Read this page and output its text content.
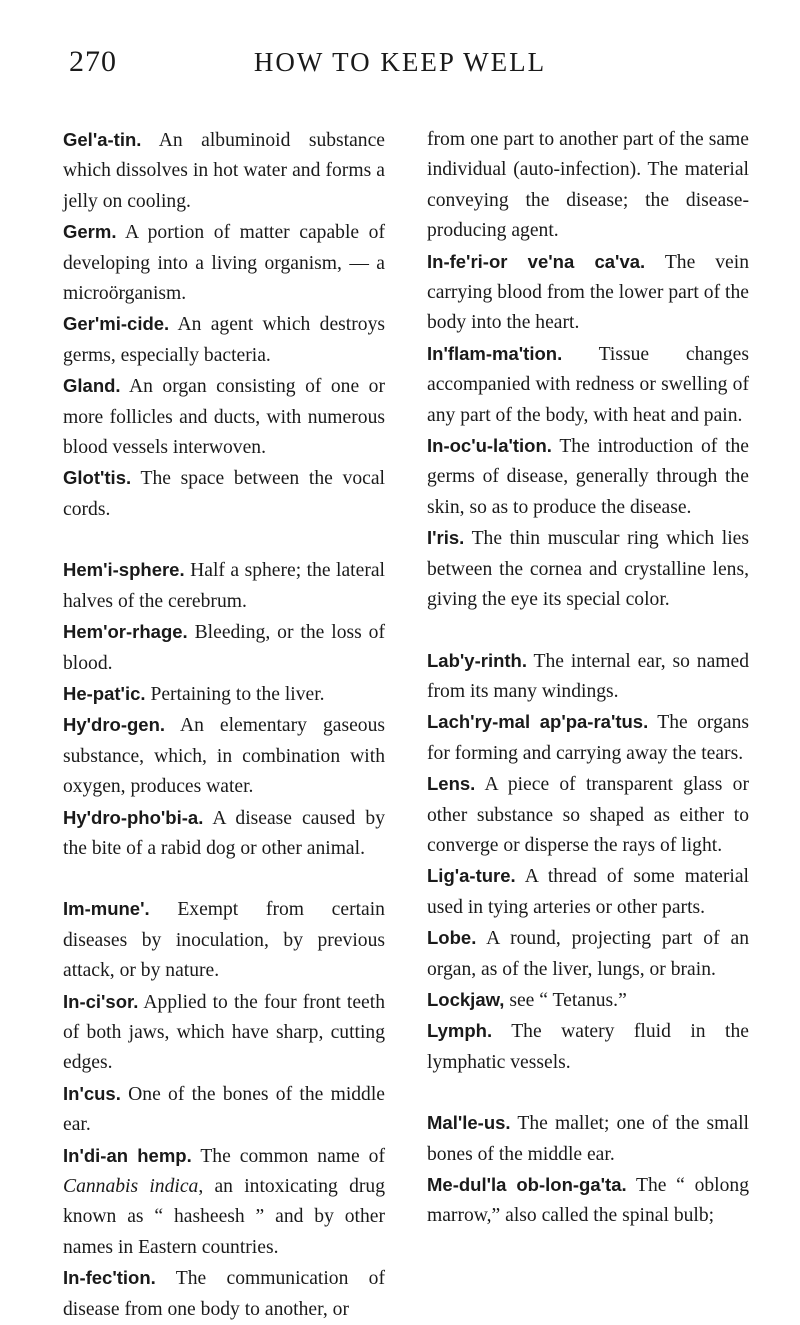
270	HOW TO KEEP WELL

Gel'a-tin. An albuminoid substance which dissolves in hot water and forms a jelly on cooling.

Germ. A portion of matter capable of developing into a living organism, — a microörganism.

Ger'mi-cide. An agent which destroys germs, especially bacteria.

Gland. An organ consisting of one or more follicles and ducts, with numerous blood vessels interwoven.

Glot'tis. The space between the vocal cords.

Hem'i-sphere. Half a sphere; the lateral halves of the cerebrum.

Hem'or-rhage. Bleeding, or the loss of blood.

He-pat'ic. Pertaining to the liver.

Hy'dro-gen. An elementary gaseous substance, which, in combination with oxygen, produces water.

Hy'dro-pho'bi-a. A disease caused by the bite of a rabid dog or other animal.

Im-mune'. Exempt from certain diseases by inoculation, by previous attack, or by nature.

In-ci'sor. Applied to the four front teeth of both jaws, which have sharp, cutting edges.

In'cus. One of the bones of the middle ear.

In'di-an hemp. The common name of Cannabis indica, an intoxicating drug known as “ hasheesh ” and by other names in Eastern countries.

In-fec'tion. The communication of disease from one body to another, or

from one part to another part of the same individual (auto-infection). The material conveying the disease; the disease-producing agent.

In-fe'ri-or ve'na ca'va. The vein carrying blood from the lower part of the body into the heart.

In'flam-ma'tion. Tissue changes accompanied with redness or swelling of any part of the body, with heat and pain.

In-oc'u-la'tion. The introduction of the germs of disease, generally through the skin, so as to produce the disease.

I'ris. The thin muscular ring which lies between the cornea and crystalline lens, giving the eye its special color.

Lab'y-rinth. The internal ear, so named from its many windings.

Lach'ry-mal ap'pa-ra'tus. The organs for forming and carrying away the tears.

Lens. A piece of transparent glass or other substance so shaped as either to converge or disperse the rays of light.

Lig'a-ture. A thread of some material used in tying arteries or other parts.

Lobe. A round, projecting part of an organ, as of the liver, lungs, or brain.

Lockjaw, see “ Tetanus.”

Lymph. The watery fluid in the lymphatic vessels.

Mal'le-us. The mallet; one of the small bones of the middle ear.

Me-dul'la ob-lon-ga'ta. The “ oblong marrow,” also called the spinal bulb;
